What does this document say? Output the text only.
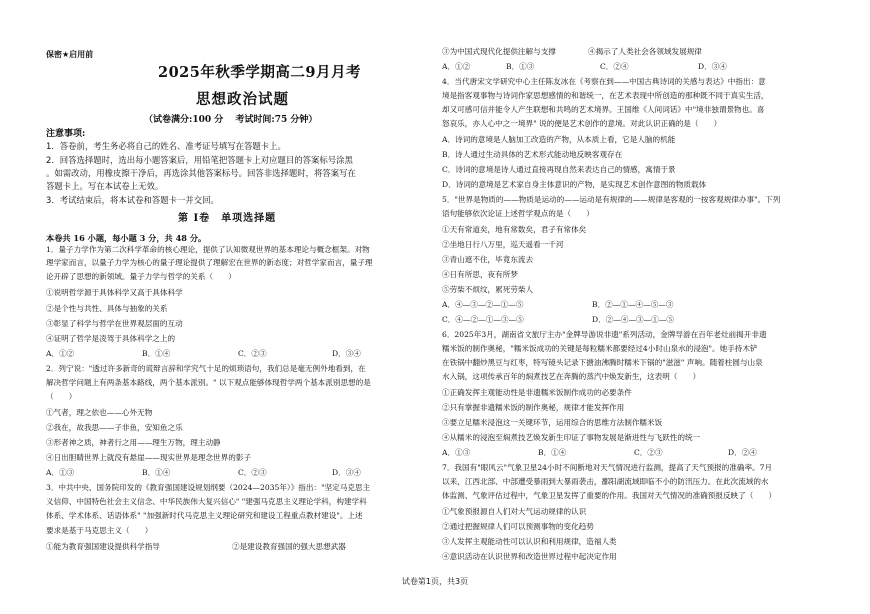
保密★启用前
2025年秋季学期高二9月月考
思想政治试题
（试卷满分:100 分　 考试时间:75 分钟）
注意事项:
1．答卷前，考生务必将自己的姓名、准考证号填写在答题卡上。
2．回答选择题时，选出每小题答案后，用铅笔把答题卡上对应题目的答案标号涂黑
。如需改动，用橡皮擦干净后，再选涂其他答案标号。回答非选择题时，将答案写在
答题卡上。写在本试卷上无效。
3．考试结束后，将本试卷和答题卡一并交回。
第 Ⅰ卷　单项选择题
本卷共 16 小题，每小题 3 分，共 48 分。
1．量子力学作为第二次科学革命的核心理论，提供了认知微观世界的基本理论与概念框架。对物
理学家而言，以量子力学为核心的量子理论提供了理解宏在世界的新态度；对哲学家而言，量子理
论开辟了思想的新领域。量子力学与哲学的关系（　　）
①说明哲学源于具体科学又高于具体科学
②是个性与共性、具体与抽象的关系
③彰显了科学与哲学在世界观层面的互动
④证明了哲学是凌驾于具体科学之上的
A．①②	B．①④	C．②③	D．③④
2．列宁说："透过许多新奇的谎辩言辞和学究气十足的烦琐语句，我们总是毫无例外地看到，在
解决哲学问题上有两条基本路线，两个基本派别。" 以下观点能够体现哲学两个基本派别思想的是
（　　）
①气者，理之依也——心外无物
②我在，故我思——子非鱼，安知鱼之乐
③形者神之质，神者行之用——理生万物，理主动静
④日出胆睛世界上就没有悬崖——现实世界是理念世界的影子
A．①③	B．①④	C．②③	D．③④
3．中共中央、国务院印发的《教育强国建设规划纲要（2024—2035年）》指出："坚定马克思主
义信仰、中国特色社会主义信念、中华民族伟大复兴信心" "建强马克思主义理论学科，构建学科
体系、学术体系、话语体系" "加强新时代马克思主义理论研究和建设工程重点教材建设"。上述
要求是基于马克思主义（　　）
①能为教育强国建设提供科学指导	②是建设教育强国的强大思想武器
③为中国式现代化提供注解与支撑	④揭示了人类社会各领域发展规律
A．①②	B．①③	C．②④	D．③④
4．当代唐宋文学研究中心主任陈友冰在《考察在到——中国古典诗词的关感与表达》中指出：意
境是指客观事物与诗词作家思想感情的和谐统一，在艺术表现中所创造的那种既不同于真实生活，
却又可感可信并能令人产生联想和共鸣的艺术境界。王国维《人间词话》中"境非独谓景物也。喜
怒哀乐，亦人心中之一境界" 说的便是艺术创作的意境。对此认识正确的是（　　）
A．诗词的意境是人脑加工改造的产物，从本质上看，它是人脑的机能
B．诗人通过生动具体的艺术形式能动地反映客观存在
C．诗词的意境是诗人通过直接再现自然来表达自己的情感，寓情于景
D．诗词的意境是艺术家自身主体意识的产物，是实现艺术创作意图的物质载体
5．"世界是物质的——物质是运动的——运动是有规律的——规律是客观的一按客观规律办事"。下列
语句能够依次论证上述哲学观点的是（　　）
①天有常道矣，地有常数矣，君子有常体矣
②坐地日行八万里，巡天遥看一千河
③青山遮不住，毕竟东流去
④日有所思，夜有所梦
⑤劳柴不烦纹，累死劳柴人
A．④—③—②—①—⑤	B．②—①—④—⑤—③
C．④—②—①—③—⑤	D．②—④—③—①—⑤
6．2025年3月，湖南省文旅厅主办"金牌导游说非遗"系列活动，金牌导游在百年老灶前揭开非遗
糯米饭的制作奥秘，"糯米饭成功的关键是每粒糯米都要经过4小时山泉水的浸泡"。她手持木铲
在铁锅中翻炒黑豆与红枣，特写镜头记录下搪油沸腾时糯米下锅的"滋滋" 声响。随着柱圆与山泉
水入锅，这项传承百年的焖煮技艺在奔腾的蒸汽中焕发新生，这表明（　　）
①正确发挥主观能动性是非遗糯米饭制作成功的必要条件
②只有掌握非遗糯米饭的制作奥秘，规律才能发挥作用
③要立足糯米浸泡这一关键环节，运用综合的思维方法制作糯米饭
④从糯米的浸泡至焖煮技艺焕发新生印证了事物发展是渐进性与飞跃性的统一
A．①③	B．①④	C．②③	D．②④
7．我国有"眼风云"气象卫星24小时不间断地对天气情况进行监测，提高了天气预报的准确率。7月
以来，江西北部、中部遭受暴雨到大暴雨袭击，鄱阳湖流域即临不小的防汛压力。在此次流域的水
体监测、气象评估过程中，气象卫星发挥了重要的作用。我国对天气情况的准确预报反映了（　　）
①气象预报源自人们对大气运动规律的认识
②通过把握规律人们可以预测事物的变化趋势
③人发挥主观能动性可以认识和利用规律，造福人类
④意识活动在认识世界和改造世界过程中起决定作用
试卷第1页，共3页
